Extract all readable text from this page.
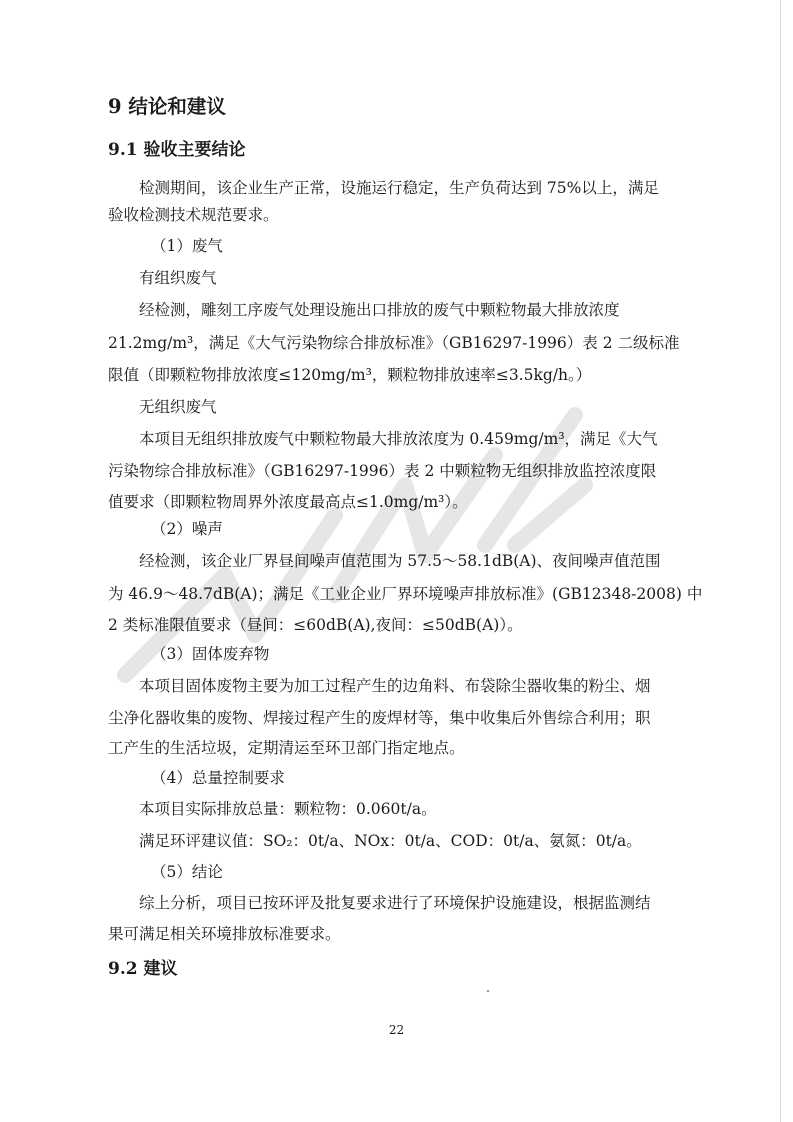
9 结论和建议
9.1 验收主要结论
检测期间，该企业生产正常，设施运行稳定，生产负荷达到 75%以上，满足
验收检测技术规范要求。
（1）废气
有组织废气
经检测，雕刻工序废气处理设施出口排放的废气中颗粒物最大排放浓度
21.2mg/m³，满足《大气污染物综合排放标准》（GB16297-1996）表 2 二级标准
限值（即颗粒物排放浓度≤120mg/m³，颗粒物排放速率≤3.5kg/h。）
无组织废气
本项目无组织排放废气中颗粒物最大排放浓度为 0.459mg/m³，满足《大气
污染物综合排放标准》（GB16297-1996）表 2 中颗粒物无组织排放监控浓度限
值要求（即颗粒物周界外浓度最高点≤1.0mg/m³）。
（2）噪声
经检测，该企业厂界昼间噪声值范围为 57.5～58.1dB(A)、夜间噪声值范围
为 46.9～48.7dB(A)；满足《工业企业厂界环境噪声排放标准》(GB12348-2008) 中
2 类标准限值要求（昼间：≤60dB(A),夜间：≤50dB(A)）。
（3）固体废弃物
本项目固体废物主要为加工过程产生的边角料、布袋除尘器收集的粉尘、烟
尘净化器收集的废物、焊接过程产生的废焊材等，集中收集后外售综合利用；职
工产生的生活垃圾，定期清运至环卫部门指定地点。
（4）总量控制要求
本项目实际排放总量：颗粒物：0.060t/a。
满足环评建议值：SO₂：0t/a、NOx：0t/a、COD：0t/a、氨氮：0t/a。
（5）结论
综上分析，项目已按环评及批复要求进行了环境保护设施建设，根据监测结
果可满足相关环境排放标准要求。
9.2 建议
22
